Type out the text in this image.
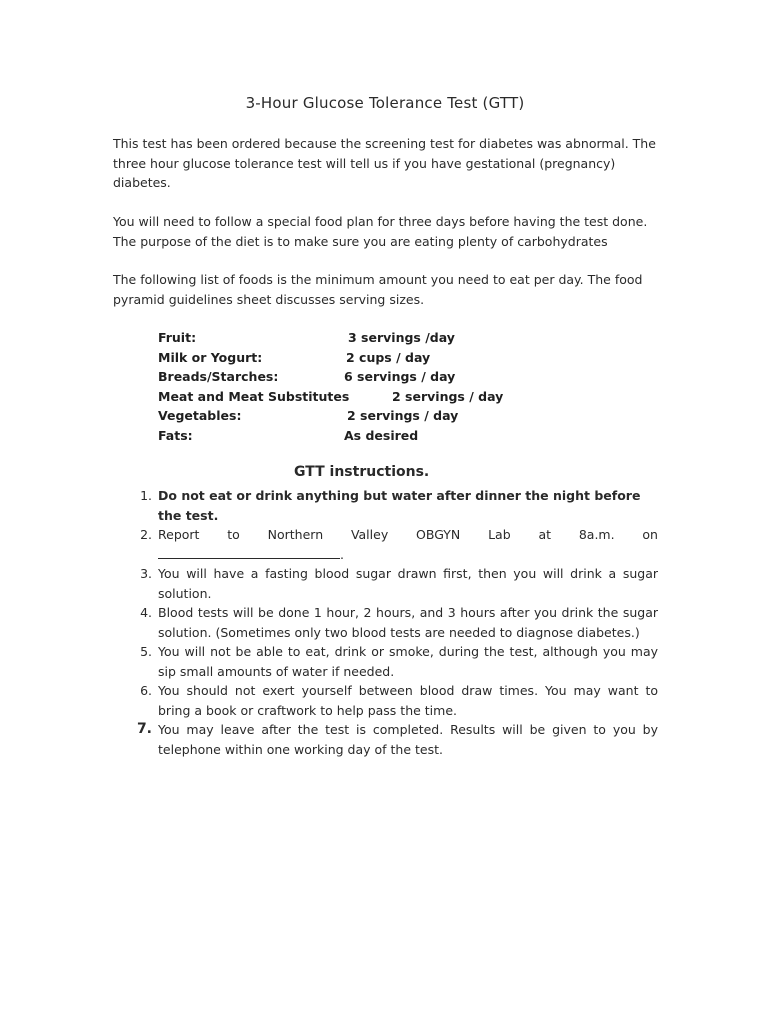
3-Hour Glucose Tolerance Test (GTT)
This test has been ordered because the screening test for diabetes was abnormal. The three hour glucose tolerance test will tell us if you have gestational (pregnancy) diabetes.
You will need to follow a special food plan for three days before having the test done. The purpose of the diet is to make sure you are eating plenty of carbohydrates
The following list of foods is the minimum amount you need to eat per day. The food pyramid guidelines sheet discusses serving sizes.
Fruit:	3 servings /day
Milk or Yogurt:	2 cups / day
Breads/Starches:	6 servings / day
Meat and Meat Substitutes	2 servings / day
Vegetables:	2 servings / day
Fats:	As desired
GTT instructions.
1. Do not eat or drink anything but water after dinner the night before the test.
2. Report to Northern Valley OBGYN Lab at 8a.m. on
.
3. You will have a fasting blood sugar drawn first, then you will drink a sugar solution.
4. Blood tests will be done 1 hour, 2 hours, and 3 hours after you drink the sugar solution. (Sometimes only two blood tests are needed to diagnose diabetes.)
5. You will not be able to eat, drink or smoke, during the test, although you may sip small amounts of water if needed.
6. You should not exert yourself between blood draw times. You may want to bring a book or craftwork to help pass the time.
7. You may leave after the test is completed. Results will be given to you by telephone within one working day of the test.
